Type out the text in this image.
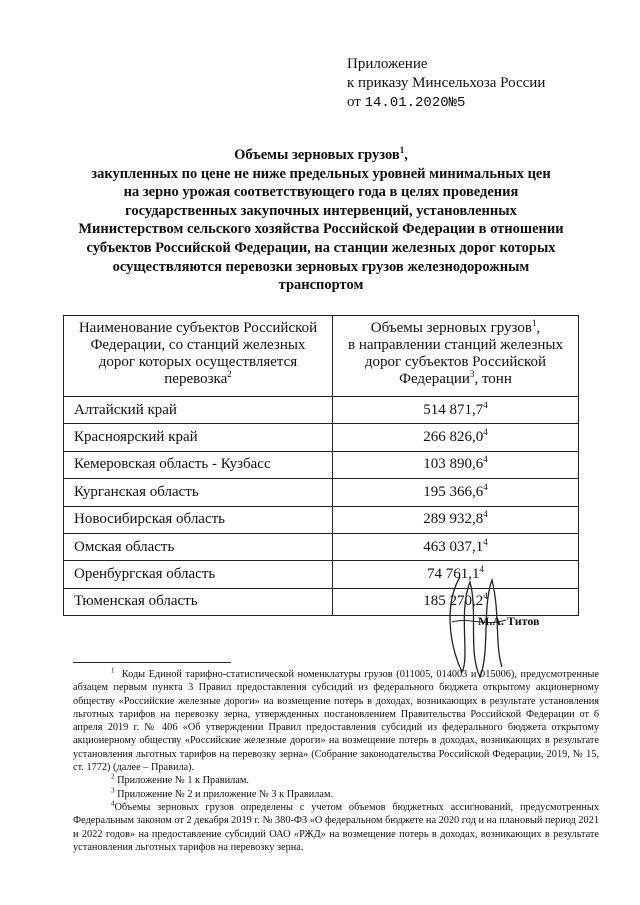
Приложение
к приказу Минсельхоза России
от 14.01.2020№5
Объемы зерновых грузов$^1$,
закупленных по цене не ниже предельных уровней минимальных цен
на зерно урожая соответствующего года в целях проведения
государственных закупочных интервенций, установленных
Министерством сельского хозяйства Российской Федерации в отношении
субъектов Российской Федерации, на станции железных дорог которых
осуществляются перевозки зерновых грузов железнодорожным
транспортом
Наименование субъектов Российской
Федерации, со станций железных
дорог которых осуществляется
перевозка$^2$	Объемы зерновых грузов$^1$,
в направлении станций железных
дорог субъектов Российской
Федерации$^3$, тонн

Алтайский край	514 871,7$^4$
Красноярский край	266 826,0$^4$
Кемеровская область - Кузбасс	103 890,6$^4$
Курганская область	195 366,6$^4$
Новосибирская область	289 932,8$^4$
Омская область	463 037,1$^4$
Оренбургская область	74 761,1$^4$
Тюменская область	185 270,2$^4$
М.А. Титов

$^1$ Коды Единой тарифно-статистической номенклатуры грузов (011005, 014003 и 015006), предусмотренные абзацем первым пункта 3 Правил предоставления субсидий из федерального бюджета открытому акционерному обществу «Российские железные дороги» на возмещение потерь в доходах, возникающих в результате установления льготных тарифов на перевозку зерна, утвержденных постановлением Правительства Российской Федерации от 6 апреля 2019 г. № 406 «Об утверждении Правил предоставления субсидий из федерального бюджета открытому акционерному обществу «Российские железные дороги» на возмещение потерь в доходах, возникающих в результате установления льготных тарифов на перевозку зерна» (Собрание законодательства Российской Федерации, 2019, № 15, ст. 1772) (далее – Правила).

$^2$ Приложение № 1 к Правилам.

$^3$ Приложение № 2 и приложение № 3 к Правилам.

$^4$Объемы зерновых грузов определены с учетом объемов бюджетных ассигнований, предусмотренных Федеральным законом от 2 декабря 2019 г. № 380-ФЗ «О федеральном бюджете на 2020 год и на плановый период 2021 и 2022 годов» на предоставление субсидий ОАО «РЖД» на возмещение потерь в доходах, возникающих в результате установления льготных тарифов на перевозку зерна.
